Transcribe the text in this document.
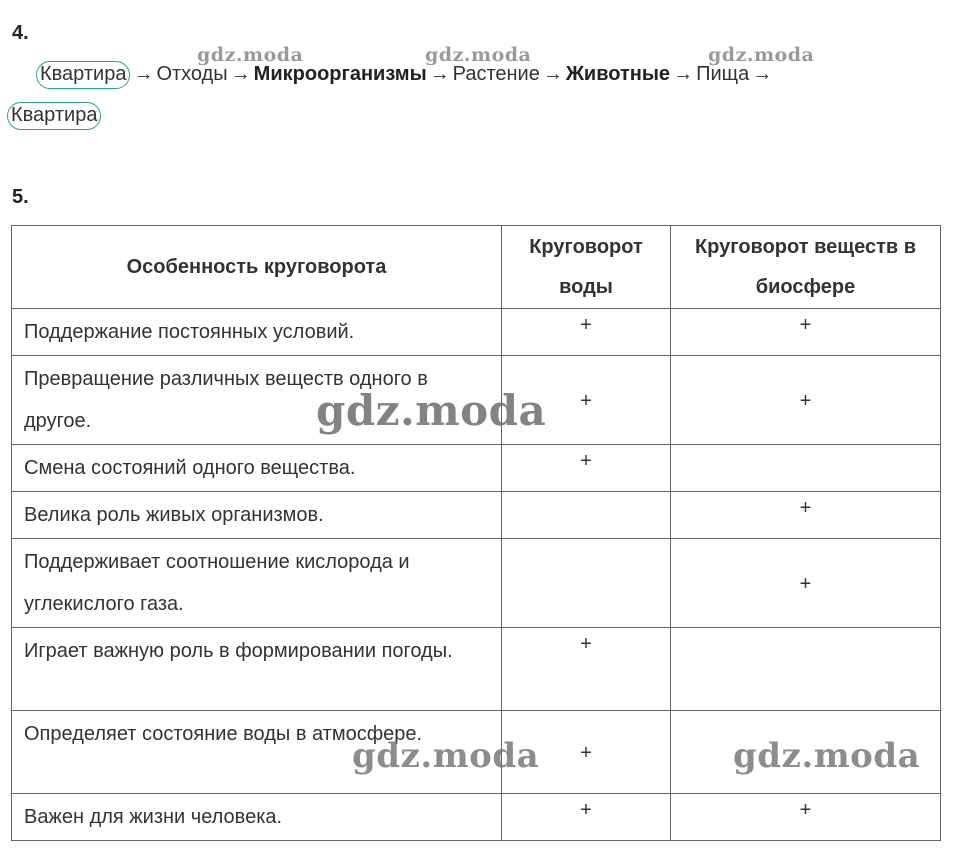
4.
Квартира → Отходы → Микроорганизмы → Растение → Животные → Пища →
Квартира
gdz.moda	gdz.moda	gdz.moda
5.
Особенность круговорота	Круговорот воды	Круговорот веществ в биосфере
Поддержание постоянных условий.	+	+
Превращение различных веществ одного в другое.	+	+
Смена состояний одного вещества.	+	
Велика роль живых организмов.		+
Поддерживает соотношение кислорода и углекислого газа.		+
Играет важную роль в формировании погоды.	+	
Определяет состояние воды в атмосфере.	+	
Важен для жизни человека.	+	+
gdz.moda
gdz.moda	gdz.moda
